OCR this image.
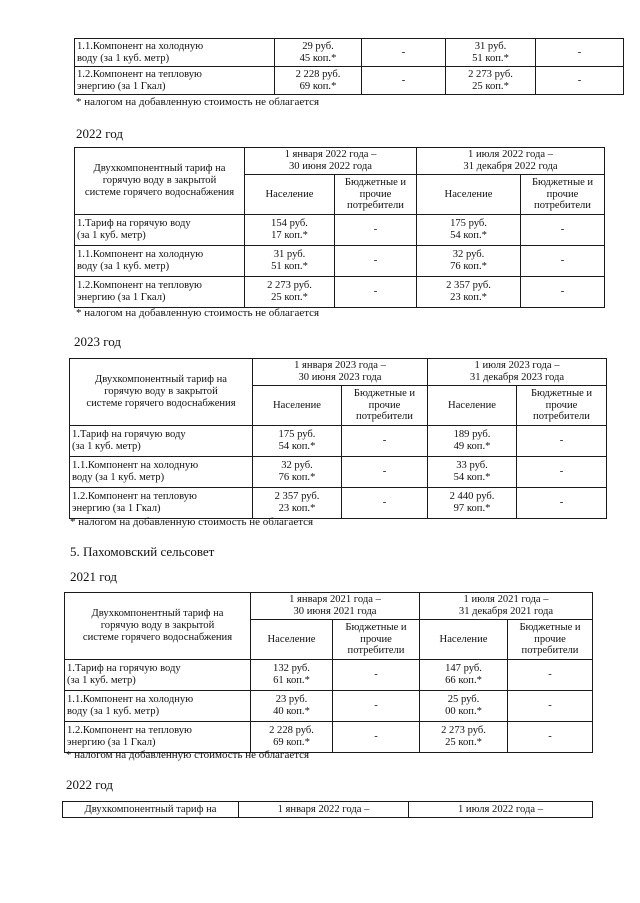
1.1.Компонент на холодную
воду (за 1 куб. метр)	29 руб.
45 коп.*	-	31 руб.
51 коп.*	-

1.2.Компонент на тепловую
энергию (за 1 Гкал)	2 228 руб.
69 коп.*	-	2 273 руб.
25 коп.*	-
* налогом на добавленную стоимость не облагается
2022 год
Двухкомпонентный тариф на
горячую воду в закрытой
системе горячего водоснабжения	1 января 2022 года –
30 июня 2022 года		1 июля 2022 года –
31 декабря 2022 года	

	Население	Бюджетные и
прочие
потребители	Население	Бюджетные и
прочие
потребители

1.Тариф на горячую воду
(за 1 куб. метр)	154 руб.
17 коп.*	-	175 руб.
54 коп.*	-

1.1.Компонент на холодную
воду (за 1 куб. метр)	31 руб.
51 коп.*	-	32 руб.
76 коп.*	-

1.2.Компонент на тепловую
энергию (за 1 Гкал)	2 273 руб.
25 коп.*	-	2 357 руб.
23 коп.*	-
* налогом на добавленную стоимость не облагается
2023 год
Двухкомпонентный тариф на
горячую воду в закрытой
системе горячего водоснабжения	1 января 2023 года –
30 июня 2023 года		1 июля 2023 года –
31 декабря 2023 года	

	Население	Бюджетные и
прочие
потребители	Население	Бюджетные и
прочие
потребители

1.Тариф на горячую воду
(за 1 куб. метр)	175 руб.
54 коп.*	-	189 руб.
49 коп.*	-

1.1.Компонент на холодную
воду (за 1 куб. метр)	32 руб.
76 коп.*	-	33 руб.
54 коп.*	-

1.2.Компонент на тепловую
энергию (за 1 Гкал)	2 357 руб.
23 коп.*	-	2 440 руб.
97 коп.*	-
* налогом на добавленную стоимость не облагается
5. Пахомовский сельсовет
2021 год
Двухкомпонентный тариф на
горячую воду в закрытой
системе горячего водоснабжения	1 января 2021 года –
30 июня 2021 года		1 июля 2021 года –
31 декабря 2021 года	

	Население	Бюджетные и
прочие
потребители	Население	Бюджетные и
прочие
потребители

1.Тариф на горячую воду
(за 1 куб. метр)	132 руб.
61 коп.*	-	147 руб.
66 коп.*	-

1.1.Компонент на холодную
воду (за 1 куб. метр)	23 руб.
40 коп.*	-	25 руб.
00 коп.*	-

1.2.Компонент на тепловую
энергию (за 1 Гкал)	2 228 руб.
69 коп.*	-	2 273 руб.
25 коп.*	-
* налогом на добавленную стоимость не облагается
2022 год
Двухкомпонентный тариф на	1 января 2022 года –	1 июля 2022 года –
